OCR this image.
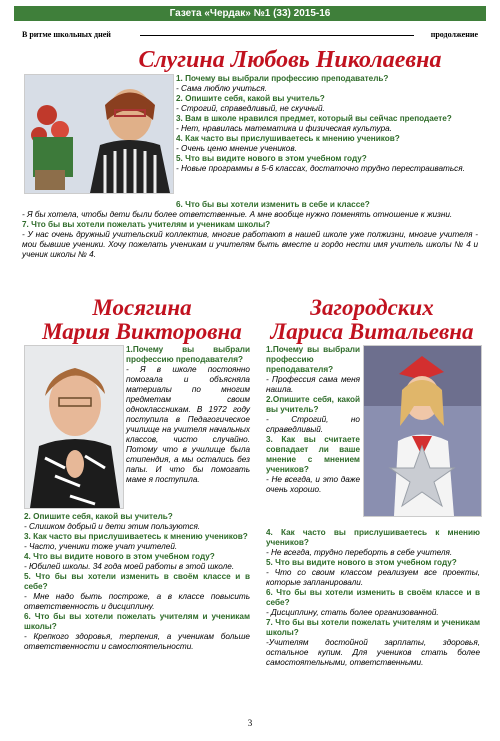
Газета «Чердак» №1 (33) 2015-16
В ритме школьных дней	продолжение
Слугина Любовь Николаевна
1. Почему вы выбрали профессию преподаватель?
- Сама люблю учиться.
2. Опишите себя, какой вы учитель?
- Строгий, справедливый, не скучный.
3. Вам в школе нравился предмет, который вы сейчас преподаете?
- Нет, нравилась математика и физическая культура.
4. Как часто вы прислушиваетесь к мнению учеников?
- Очень ценю мнение учеников.
5. Что вы видите нового в этом учебном году?
- Новые программы в 5-6 классах, достаточно трудно перестраиваться.
6. Что бы вы хотели изменить в себе и классе?
- Я бы хотела, чтобы дети были более ответственные. А мне вообще нужно поменять отношение к жизни.
7. Что бы вы хотели пожелать учителям и ученикам школы?
- У нас очень дружный учительский коллектив, многие работают в нашей школе уже полжизни, многие учителя - мои бывшие ученики. Хочу пожелать ученикам и учителям быть вместе и гордо нести имя учитель школы № 4 и ученик школы № 4.
Мосягина
Мария Викторовна
1.Почему вы выбрали профессию преподавателя?
- Я в школе постоянно помогала и объясняла материалы по многим предметам своим одноклассникам. В 1972 году поступила в Педагогическое училище на учителя начальных классов, чисто случайно. Потому что в училище была стипендия, а мы остались без папы. И что бы помогать маме я поступила.
2. Опишите себя, какой вы учитель?
- Слишком добрый и дети этим пользуются.
3. Как часто вы прислушиваетесь к мнению учеников?
- Часто, ученики тоже учат учителей.
4. Что вы видите нового в этом учебном году?
- Юбилей школы. 34 года моей работы в этой школе.
5. Что бы вы хотели изменить в своём классе и в себе?
- Мне надо быть построже, а в классе повысить ответственность и дисциплину.
6. Что бы вы хотели пожелать учителям и ученикам школы?
- Крепкого здоровья, терпения, а ученикам больше ответственности и самостоятельности.
Загородских
Лариса Витальевна
1.Почему вы выбрали профессию преподавателя?
- Профессия сама меня нашла.
2.Опишите себя, какой вы учитель?
- Строгий, но справедливый.
3. Как вы считаете совпадает ли ваше мнение с мнением учеников?
- Не всегда, и это даже очень хорошо.
4. Как часто вы прислушиваетесь к мнению учеников?
- Не всегда, трудно переборть в себе учителя.
5. Что вы видите нового в этом учебном году?
- Что со своим классом реализуем все проекты, которые запланировали.
6. Что бы вы хотели изменить в своём классе и в себе?
- Дисциплину, стать более организованной.
7. Что бы вы хотели пожелать учителям и ученикам школы?
-Учителям достойной зарплаты, здоровья, остальное купим. Для учеников стать более самостоятельными, ответственными.
3
